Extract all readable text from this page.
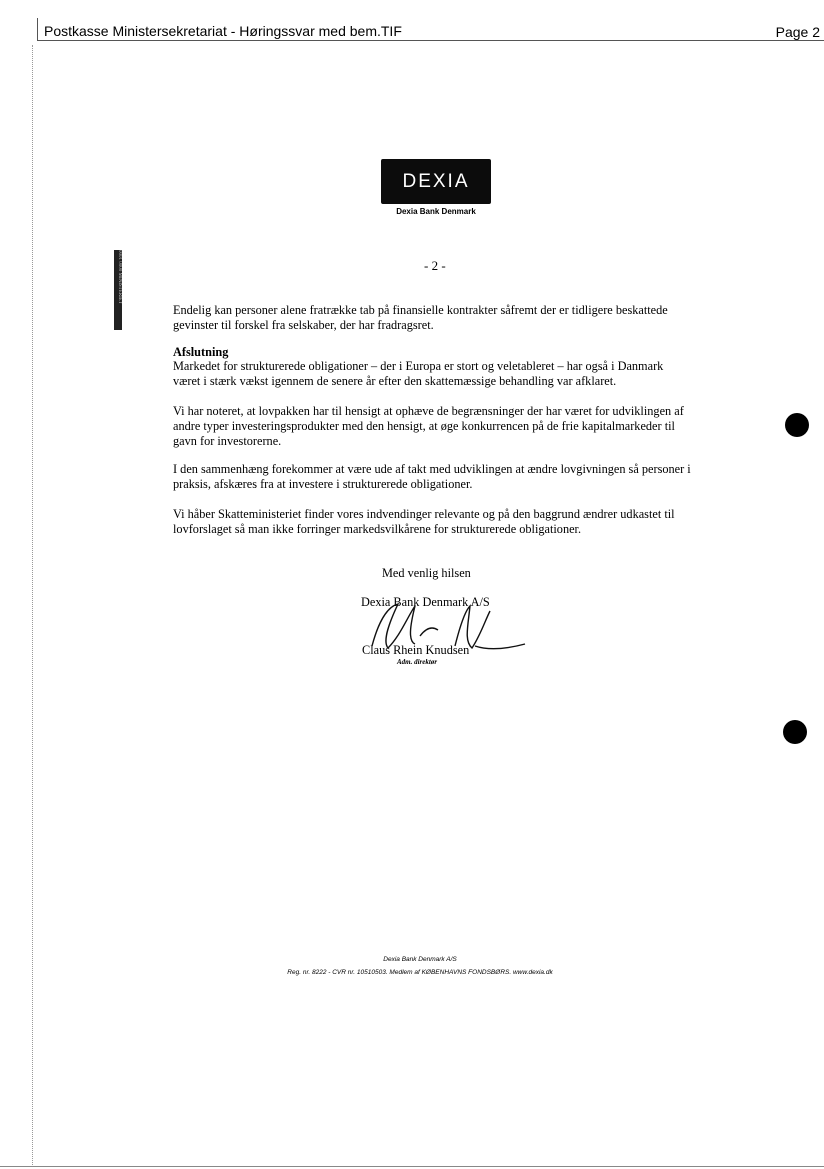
Postkasse Ministersekretariat - Høringssvar med bem.TIF	Page 2
DEXIA
Dexia Bank Denmark
0001 0000 MINISTERIET	- 2 -
Endelig kan personer alene fratrække tab på finansielle kontrakter såfremt der er tidligere beskattede gevinster til forskel fra selskaber, der har fradragsret.
Afslutning
Markedet for strukturerede obligationer – der i Europa er stort og veletableret – har også i Danmark været i stærk vækst igennem de senere år efter den skattemæssige behandling var afklaret.
Vi har noteret, at lovpakken har til hensigt at ophæve de begrænsninger der har været for udviklingen af andre typer investeringsprodukter med den hensigt, at øge konkurrencen på de frie kapitalmarkeder til gavn for investorerne.
I den sammenhæng forekommer at være ude af takt med udviklingen at ændre lovgivningen så personer i praksis, afskæres fra at investere i strukturerede obligationer.
Vi håber Skatteministeriet finder vores indvendinger relevante og på den baggrund ændrer udkastet til lovforslaget så man ikke forringer markedsvilkårene for strukturerede obligationer.
Med venlig hilsen
Dexia Bank Denmark A/S
Claus Rhein Knudsen
Adm. direktør
Dexia Bank Denmark A/S
Reg. nr. 8222 - CVR nr. 10510503. Medlem af KØBENHAVNS FONDSBØRS. www.dexia.dk
